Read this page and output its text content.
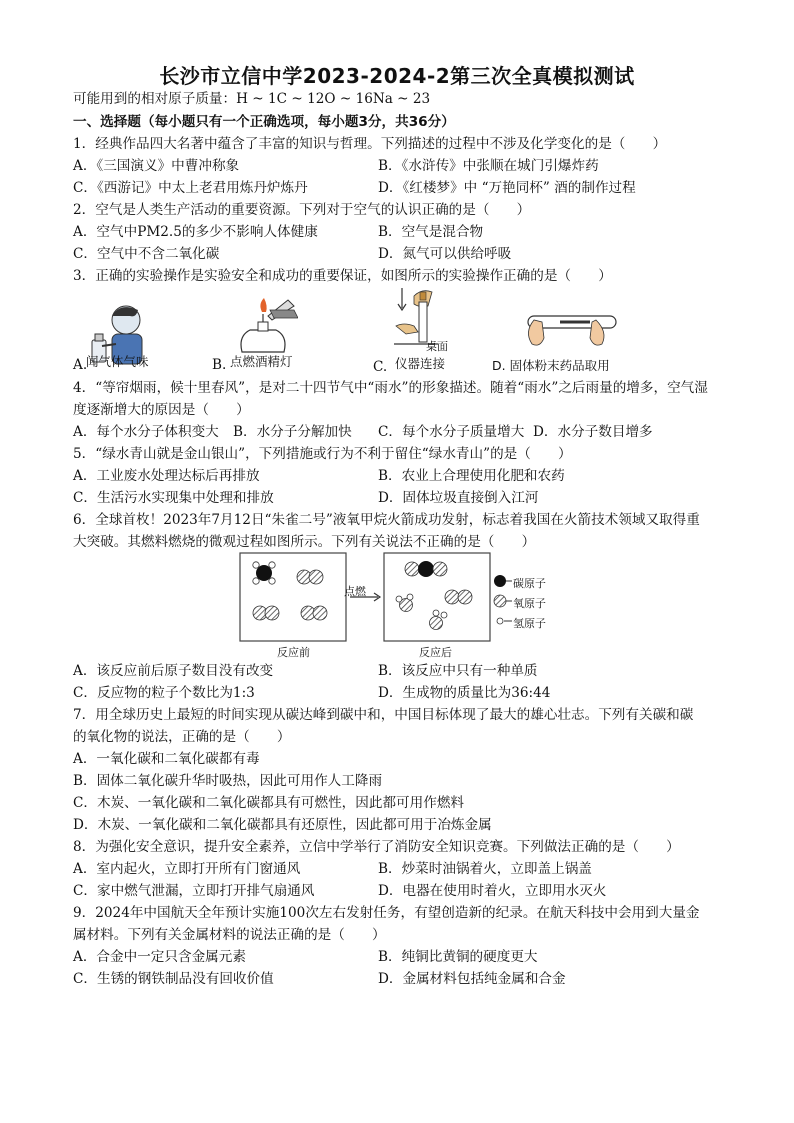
长沙市立信中学2023-2024-2第三次全真模拟测试
可能用到的相对原子质量：H ~ 1C ~ 12O ~ 16Na ~ 23
一、选择题（每小题只有一个正确选项，每小题3分，共36分）
1．经典作品四大名著中蕴含了丰富的知识与哲理。下列描述的过程中不涉及化学变化的是（　　）
A．《三国演义》中曹冲称象	B．《水浒传》中张顺在城门引爆炸药
C．《西游记》中太上老君用炼丹炉炼丹	D．《红楼梦》中 “万艳同杯” 酒的制作过程
2．空气是人类生产活动的重要资源。下列对于空气的认识正确的是（　　）
A．空气中PM2.5的多少不影响人体健康	B．空气是混合物
C．空气中不含二氧化碳	D．氮气可以供给呼吸
3．正确的实验操作是实验安全和成功的重要保证，如图所示的实验操作正确的是（　　）
A.
闻气体气味	B. 点燃酒精灯
桌面
C. 仪器连接	D. 固体粉末药品取用
4．“等帘烟雨，候十里春风”，是对二十四节气中“雨水”的形象描述。随着“雨水”之后雨量的增多，空气湿
度逐渐增大的原因是（　　）
A．每个水分子体积变大 B．水分子分解加快 C．每个水分子质量增大 D．水分子数目增多
5．“绿水青山就是金山银山”，下列措施或行为不利于留住“绿水青山”的是（　　）
A．工业废水处理达标后再排放	B．农业上合理使用化肥和农药
C．生活污水实现集中处理和排放	D．固体垃圾直接倒入江河
6．全球首枚！2023年7月12日“朱雀二号”液氧甲烷火箭成功发射，标志着我国在火箭技术领域又取得重
大突破。其燃料燃烧的微观过程如图所示。下列有关说法不正确的是（　　）
点燃
碳原子
氧原子
氢原子
反应前	反应后
A．该反应前后原子数目没有改变	B．该反应中只有一种单质
C．反应物的粒子个数比为1:3	D．生成物的质量比为36:44
7．用全球历史上最短的时间实现从碳达峰到碳中和，中国目标体现了最大的雄心壮志。下列有关碳和碳
的氧化物的说法，正确的是（　　）
A．一氧化碳和二氧化碳都有毒
B．固体二氧化碳升华时吸热，因此可用作人工降雨
C．木炭、一氧化碳和二氧化碳都具有可燃性，因此都可用作燃料
D．木炭、一氧化碳和二氧化碳都具有还原性，因此都可用于冶炼金属
8．为强化安全意识，提升安全素养，立信中学举行了消防安全知识竞赛。下列做法正确的是（　　）
A．室内起火，立即打开所有门窗通风	B．炒菜时油锅着火，立即盖上锅盖
C．家中燃气泄漏，立即打开排气扇通风	D．电器在使用时着火，立即用水灭火
9．2024年中国航天全年预计实施100次左右发射任务，有望创造新的纪录。在航天科技中会用到大量金
属材料。下列有关金属材料的说法正确的是（　　）
A．合金中一定只含金属元素	B．纯铜比黄铜的硬度更大
C．生锈的钢铁制品没有回收价值	D．金属材料包括纯金属和合金
